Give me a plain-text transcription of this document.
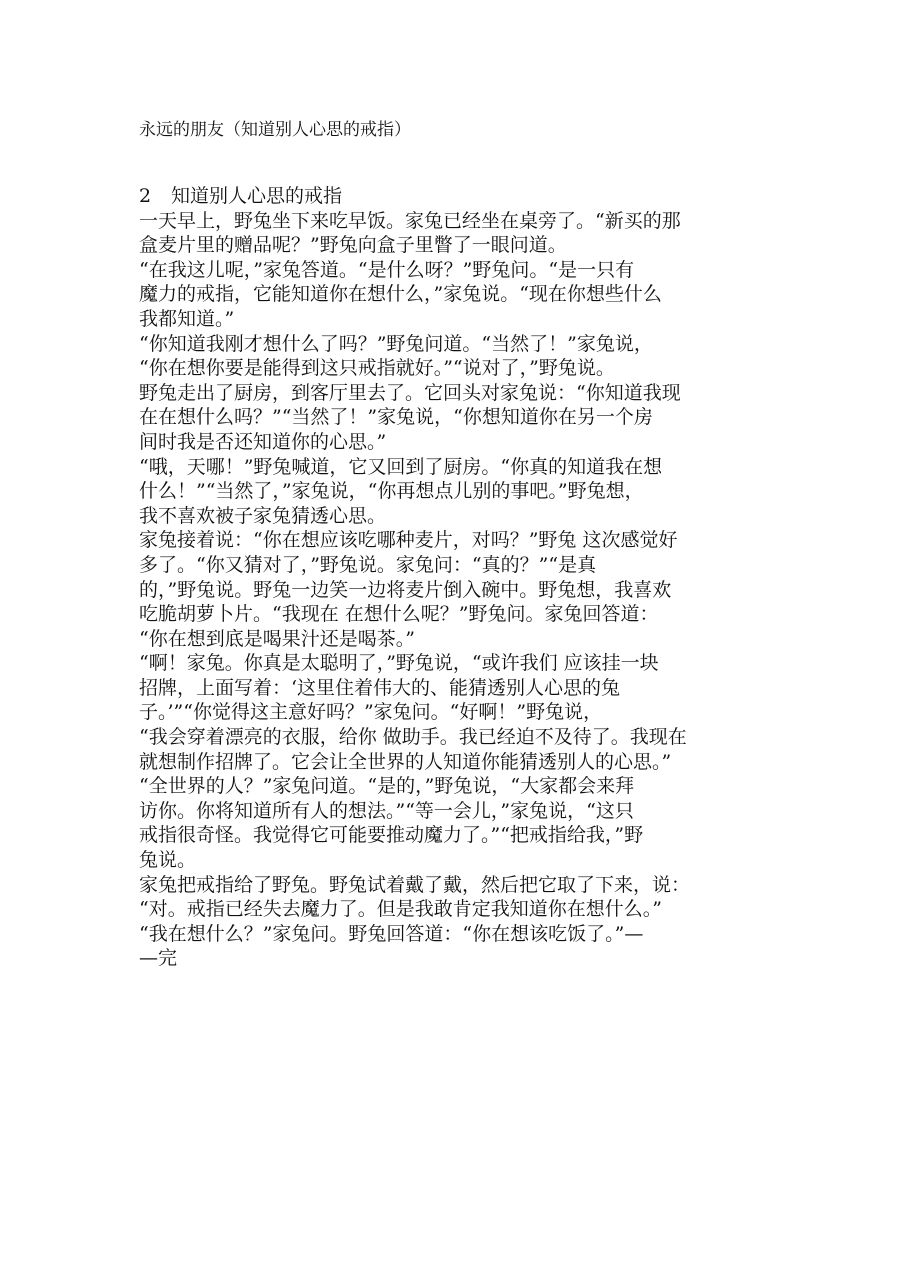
永远的朋友（知道别人心思的戒指）
2 知道别人心思的戒指
一天早上，野兔坐下来吃早饭。家兔已经坐在桌旁了。“新买的那
盒麦片里的赠品呢？”野兔向盒子里瞥了一眼问道。
“在我这儿呢，”家兔答道。“是什么呀？”野兔问。“是一只有
魔力的戒指，它能知道你在想什么，”家兔说。“现在你想些什么
我都知道。”
“你知道我刚才想什么了吗？”野兔问道。“当然了！”家兔说，
“你在想你要是能得到这只戒指就好。”“说对了，”野兔说。
野兔走出了厨房，到客厅里去了。它回头对家兔说：“你知道我现
在在想什么吗？”“当然了！”家兔说，“你想知道你在另一个房
间时我是否还知道你的心思。”
“哦，天哪！”野兔喊道，它又回到了厨房。“你真的知道我在想
什么！”“当然了，”家兔说，“你再想点儿别的事吧。”野兔想，
我不喜欢被子家兔猜透心思。
家兔接着说：“你在想应该吃哪种麦片，对吗？”野兔 这次感觉好
多了。“你又猜对了，”野兔说。家兔问：“真的？”“是真
的，”野兔说。野兔一边笑一边将麦片倒入碗中。野兔想，我喜欢
吃脆胡萝卜片。“我现在 在想什么呢？”野兔问。家兔回答道：
“你在想到底是喝果汁还是喝茶。”
“啊！家兔。你真是太聪明了，”野兔说，“或许我们 应该挂一块
招牌，上面写着：‘这里住着伟大的、能猜透别人心思的兔
子。’”“你觉得这主意好吗？”家兔问。“好啊！”野兔说，
“我会穿着漂亮的衣服，给你 做助手。我已经迫不及待了。我现在
就想制作招牌了。它会让全世界的人知道你能猜透别人的心思。”
“全世界的人？”家兔问道。“是的，”野兔说，“大家都会来拜
访你。你将知道所有人的想法。”“等一会儿，”家兔说，“这只
戒指很奇怪。我觉得它可能要推动魔力了。”“把戒指给我，”野
兔说。
家兔把戒指给了野兔。野兔试着戴了戴，然后把它取了下来，说：
“对。戒指已经失去魔力了。但是我敢肯定我知道你在想什么。”
“我在想什么？”家兔问。野兔回答道：“你在想该吃饭了。”—
—完
